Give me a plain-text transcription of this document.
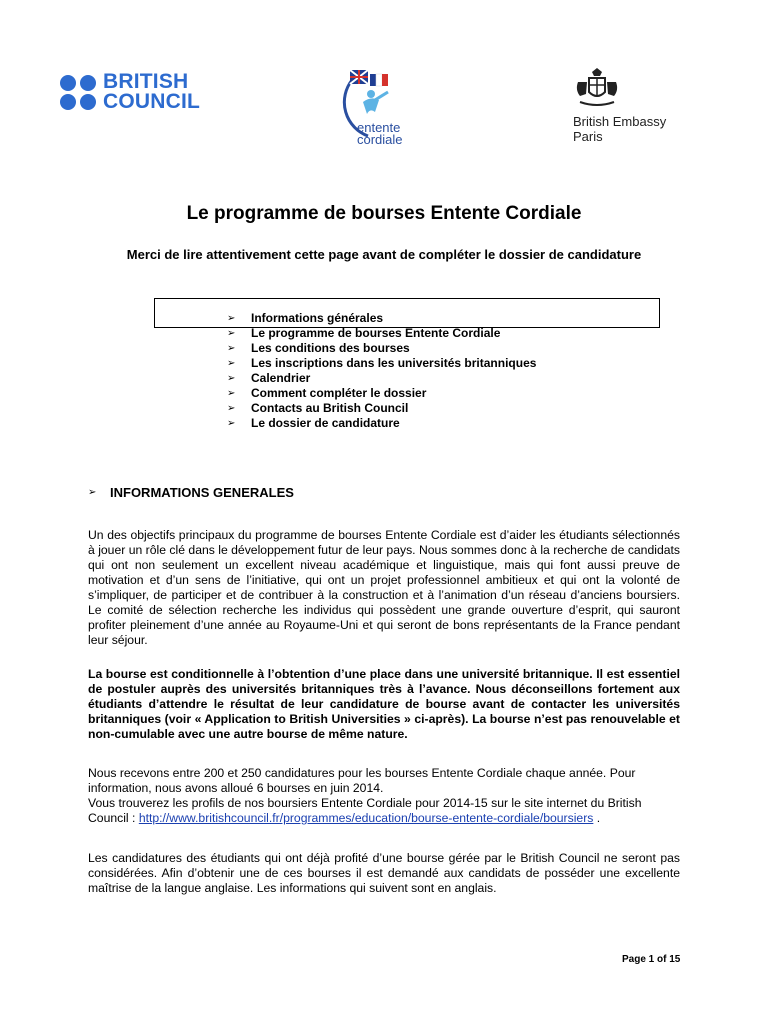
BRITISH
COUNCIL
entente
cordiale
British Embassy
Paris
Le programme de bourses Entente Cordiale
Merci de lire attentivement cette page avant de compléter le dossier de candidature
➢	Informations générales
➢	Le programme de bourses Entente Cordiale
➢	Les conditions des bourses
➢	Les inscriptions dans les universités britanniques
➢	Calendrier
➢	Comment compléter le dossier
➢	Contacts au British Council
➢	Le dossier de candidature
➢	INFORMATIONS GENERALES

Un des objectifs principaux du programme de bourses Entente Cordiale est d’aider les étudiants sélectionnés à jouer un rôle clé dans le développement futur de leur pays. Nous sommes donc à la recherche de candidats qui ont non seulement un excellent niveau académique et linguistique, mais qui font aussi preuve de motivation et d’un sens de l’initiative, qui ont un projet professionnel ambitieux et qui ont la volonté de s’impliquer, de participer et de contribuer à la construction et à l’animation d’un réseau d’anciens boursiers. Le comité de sélection recherche les individus qui possèdent une grande ouverture d’esprit, qui sauront profiter pleinement d’une année au Royaume-Uni et qui seront de bons représentants de la France pendant leur séjour.

La bourse est conditionnelle à l’obtention d’une place dans une université britannique. Il est essentiel de postuler auprès des universités britanniques très à l’avance. Nous déconseillons fortement aux étudiants d’attendre le résultat de leur candidature de bourse avant de contacter les universités britanniques (voir « Application to British Universities » ci-après). La bourse n’est pas renouvelable et non-cumulable avec une autre bourse de même nature.

Nous recevons entre 200 et 250 candidatures pour les bourses Entente Cordiale chaque année. Pour information, nous avons alloué 6 bourses en juin 2014.
Vous trouverez les profils de nos boursiers Entente Cordiale pour 2014-15 sur le site internet du British Council : http://www.britishcouncil.fr/programmes/education/bourse-entente-cordiale/boursiers .

Les candidatures des étudiants qui ont déjà profité d’une bourse gérée par le British Council ne seront pas considérées. Afin d’obtenir une de ces bourses il est demandé aux candidats de posséder une excellente maîtrise de la langue anglaise. Les informations qui suivent sont en anglais.

Page 1 of 15
